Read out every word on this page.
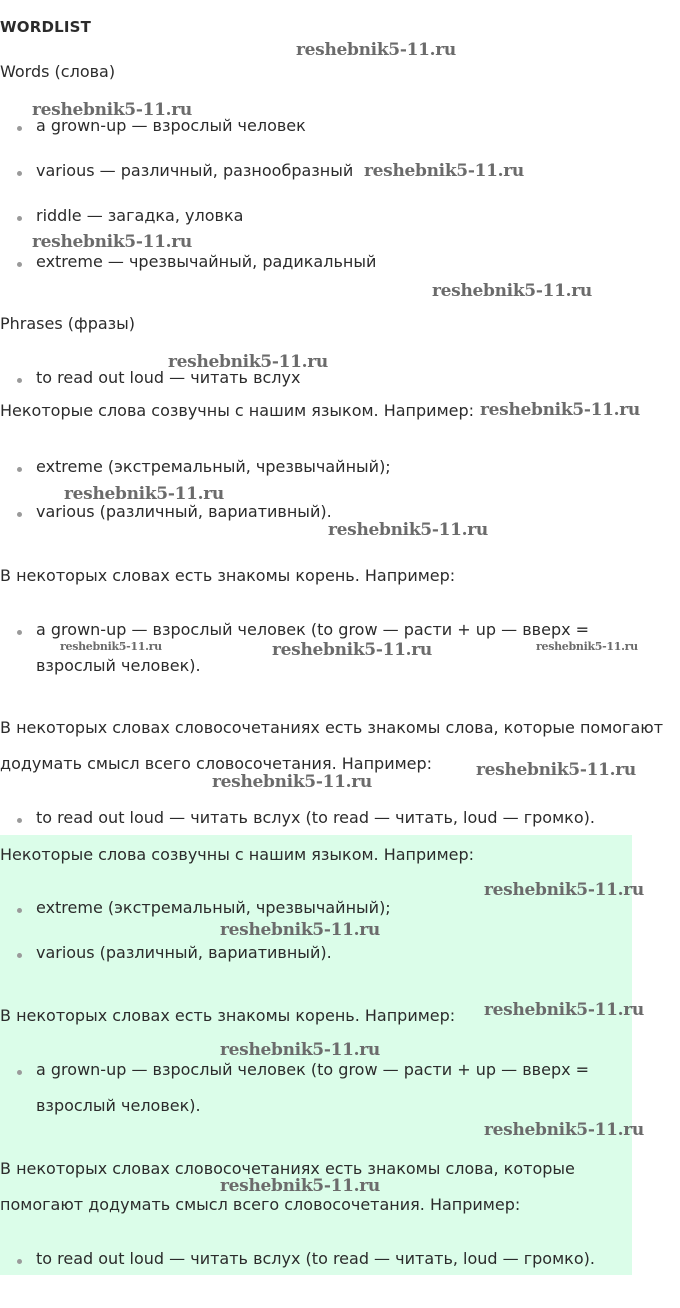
WORDLIST
Words (слова)
a grown-up — взрослый человек
various — различный, разнообразный
riddle — загадка, уловка
extreme — чрезвычайный, радикальный
Phrases (фразы)
to read out loud — читать вслух
Некоторые слова созвучны с нашим языком. Например:
extreme (экстремальный, чрезвычайный);
various (различный, вариативный).
В некоторых словах есть знакомы корень. Например:
a grown-up — взрослый человек (to grow — расти + up — вверх =
взрослый человек).
В некоторых словах словосочетаниях есть знакомы слова, которые помогают
додумать смысл всего словосочетания. Например:
to read out loud — читать вслух (to read — читать, loud — громко).
Некоторые слова созвучны с нашим языком. Например:
extreme (экстремальный, чрезвычайный);
various (различный, вариативный).
В некоторых словах есть знакомы корень. Например:
a grown-up — взрослый человек (to grow — расти + up — вверх =
взрослый человек).
В некоторых словах словосочетаниях есть знакомы слова, которые
помогают додумать смысл всего словосочетания. Например:
to read out loud — читать вслух (to read — читать, loud — громко).
reshebnik5-11.ru
reshebnik5-11.ru
reshebnik5-11.ru
reshebnik5-11.ru
reshebnik5-11.ru
reshebnik5-11.ru
reshebnik5-11.ru
reshebnik5-11.ru
reshebnik5-11.ru
reshebnik5-11.ru	reshebnik5-11.ru	reshebnik5-11.ru
reshebnik5-11.ru
reshebnik5-11.ru
reshebnik5-11.ru
reshebnik5-11.ru
reshebnik5-11.ru
reshebnik5-11.ru
reshebnik5-11.ru
reshebnik5-11.ru
